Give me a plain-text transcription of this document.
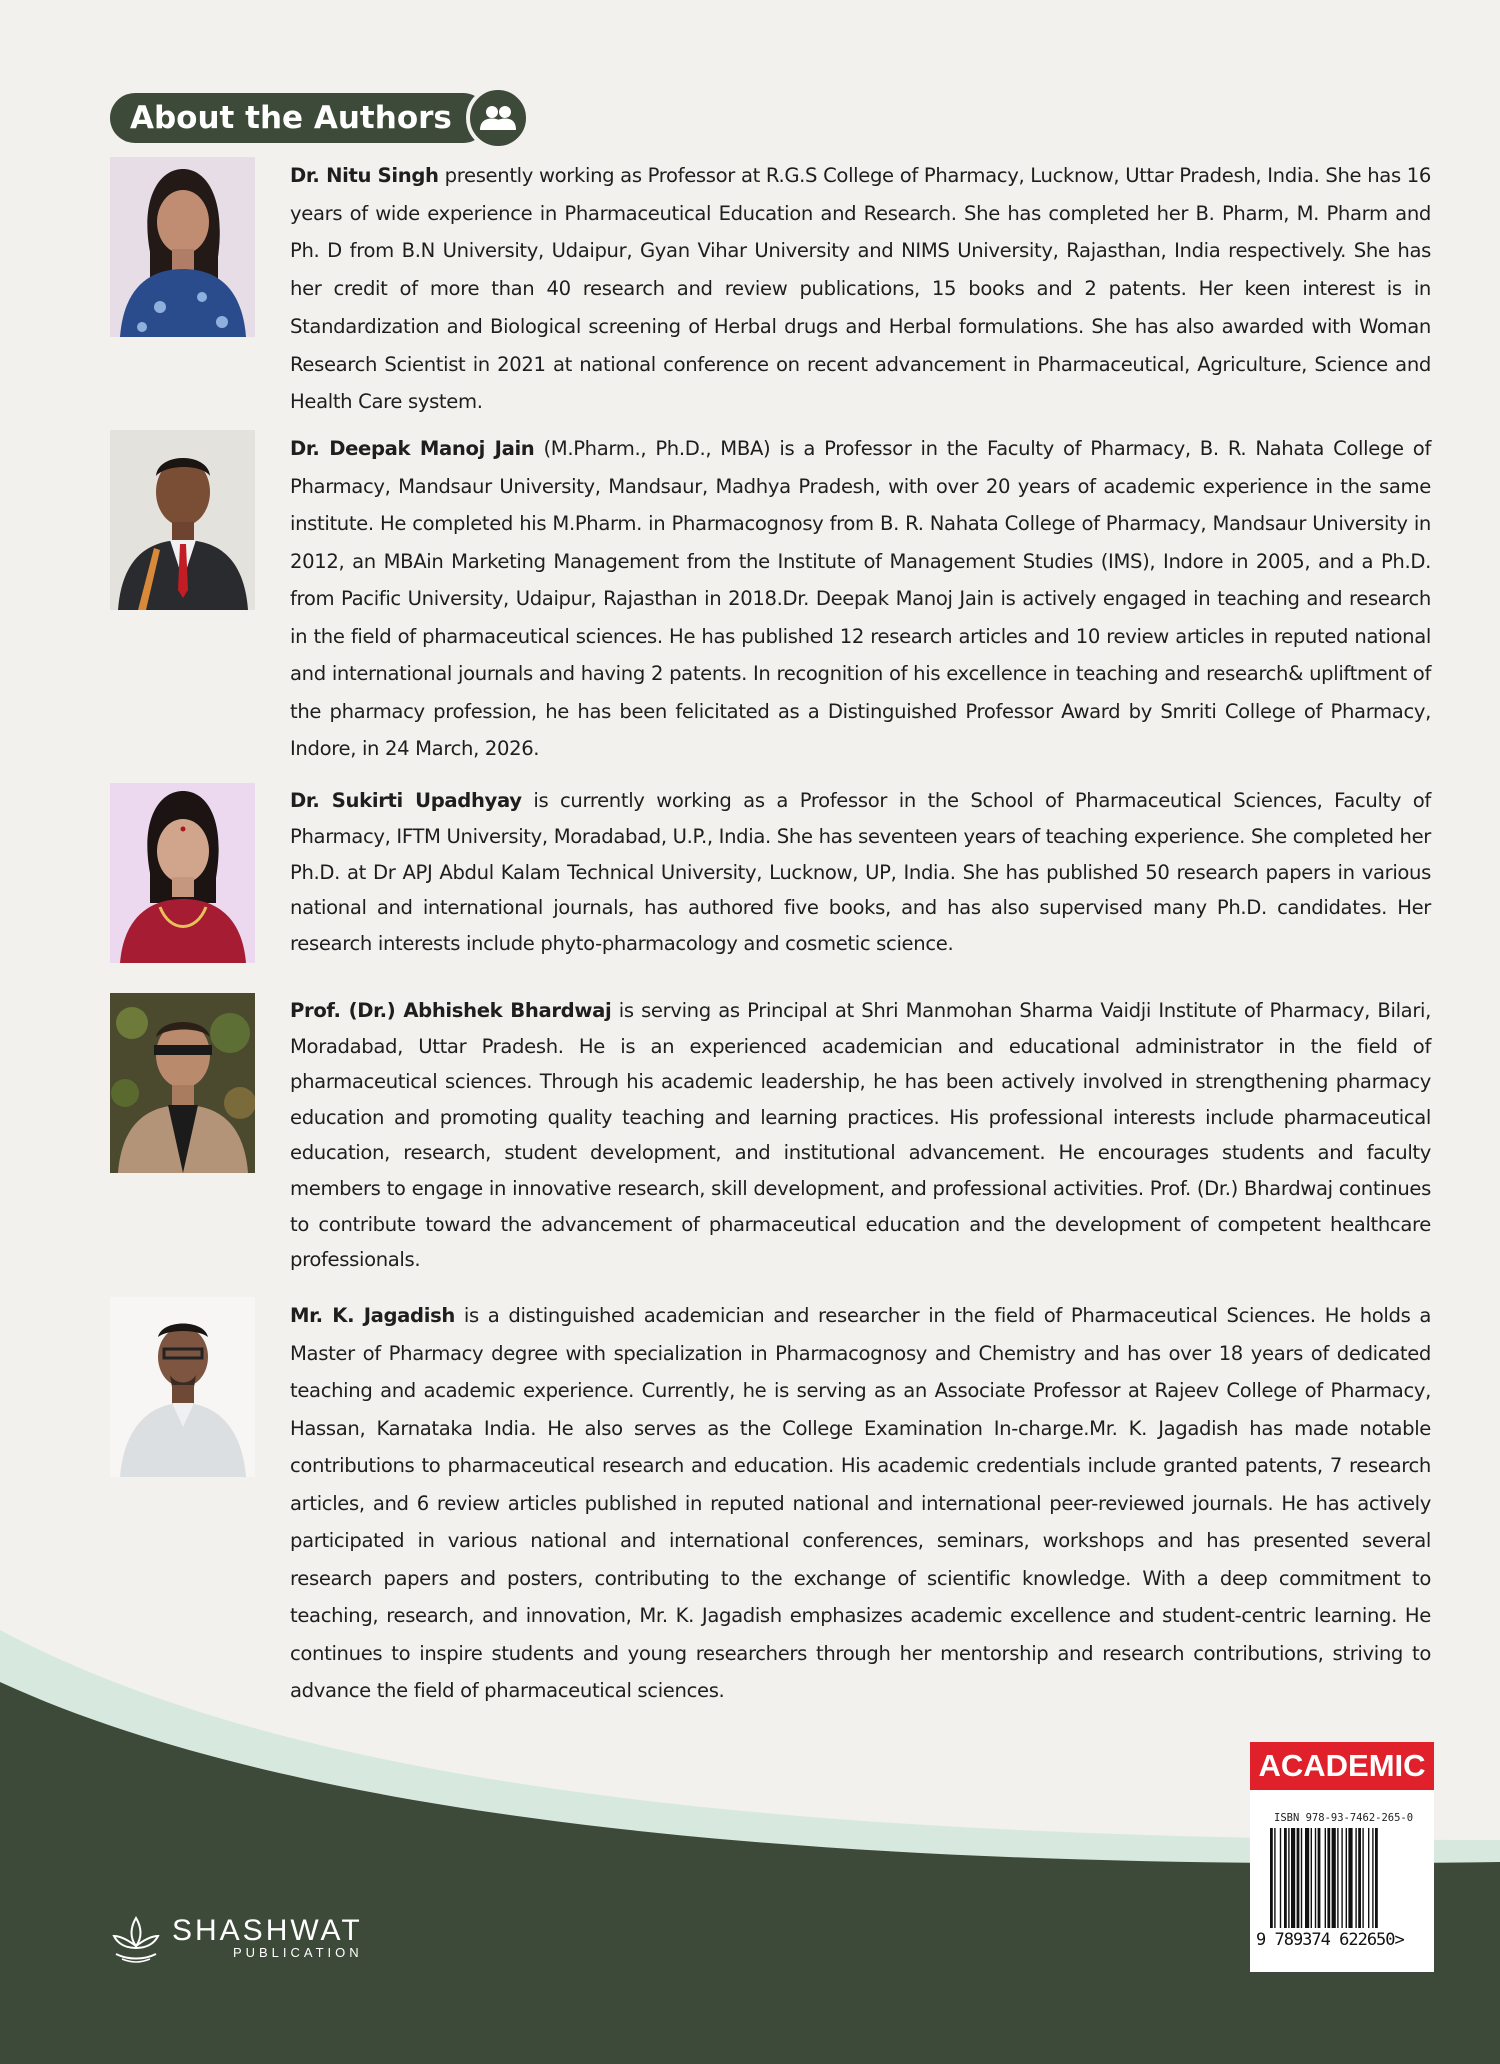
About the Authors

Dr. Nitu Singh presently working as Professor at R.G.S College of Pharmacy, Lucknow, Uttar Pradesh, India. She has 16 years of wide experience in Pharmaceutical Education and Research. She has completed her B. Pharm, M. Pharm and Ph. D from B.N University, Udaipur, Gyan Vihar University and NIMS University, Rajasthan, India respectively. She has her credit of more than 40 research and review publications, 15 books and 2 patents. Her keen interest is in Standardization and Biological screening of Herbal drugs and Herbal formulations. She has also awarded with Woman Research Scientist in 2021 at national conference on recent advancement in Pharmaceutical, Agriculture, Science and Health Care system.

Dr. Deepak Manoj Jain (M.Pharm., Ph.D., MBA) is a Professor in the Faculty of Pharmacy, B. R. Nahata College of Pharmacy, Mandsaur University, Mandsaur, Madhya Pradesh, with over 20 years of academic experience in the same institute. He completed his M.Pharm. in Pharmacognosy from B. R. Nahata College of Pharmacy, Mandsaur University in 2012, an MBAin Marketing Management from the Institute of Management Studies (IMS), Indore in 2005, and a Ph.D. from Pacific University, Udaipur, Rajasthan in 2018.Dr. Deepak Manoj Jain is actively engaged in teaching and research in the field of pharmaceutical sciences. He has published 12 research articles and 10 review articles in reputed national and international journals and having 2 patents. In recognition of his excellence in teaching and research& upliftment of the pharmacy profession, he has been felicitated as a Distinguished Professor Award by Smriti College of Pharmacy, Indore, in 24 March, 2026.

Dr. Sukirti Upadhyay is currently working as a Professor in the School of Pharmaceutical Sciences, Faculty of Pharmacy, IFTM University, Moradabad, U.P., India. She has seventeen years of teaching experience. She completed her Ph.D. at Dr APJ Abdul Kalam Technical University, Lucknow, UP, India. She has published 50 research papers in various national and international journals, has authored five books, and has also supervised many Ph.D. candidates. Her research interests include phyto-pharmacology and cosmetic science.

Prof. (Dr.) Abhishek Bhardwaj is serving as Principal at Shri Manmohan Sharma Vaidji Institute of Pharmacy, Bilari, Moradabad, Uttar Pradesh. He is an experienced academician and educational administrator in the field of pharmaceutical sciences. Through his academic leadership, he has been actively involved in strengthening pharmacy education and promoting quality teaching and learning practices. His professional interests include pharmaceutical education, research, student development, and institutional advancement. He encourages students and faculty members to engage in innovative research, skill development, and professional activities. Prof. (Dr.) Bhardwaj continues to contribute toward the advancement of pharmaceutical education and the development of competent healthcare professionals.

Mr. K. Jagadish is a distinguished academician and researcher in the field of Pharmaceutical Sciences. He holds a Master of Pharmacy degree with specialization in Pharmacognosy and Chemistry and has over 18 years of dedicated teaching and academic experience. Currently, he is serving as an Associate Professor at Rajeev College of Pharmacy, Hassan, Karnataka India. He also serves as the College Examination In-charge.Mr. K. Jagadish has made notable contributions to pharmaceutical research and education. His academic credentials include granted patents, 7 research articles, and 6 review articles published in reputed national and international peer-reviewed journals. He has actively participated in various national and international conferences, seminars, workshops and has presented several research papers and posters, contributing to the exchange of scientific knowledge. With a deep commitment to teaching, research, and innovation, Mr. K. Jagadish emphasizes academic excellence and student-centric learning. He continues to inspire students and young researchers through her mentorship and research contributions, striving to advance the field of pharmaceutical sciences.

SHASHWAT
PUBLICATION
ACADEMIC
ISBN 978-93-7462-265-0
9 789374 622650>
